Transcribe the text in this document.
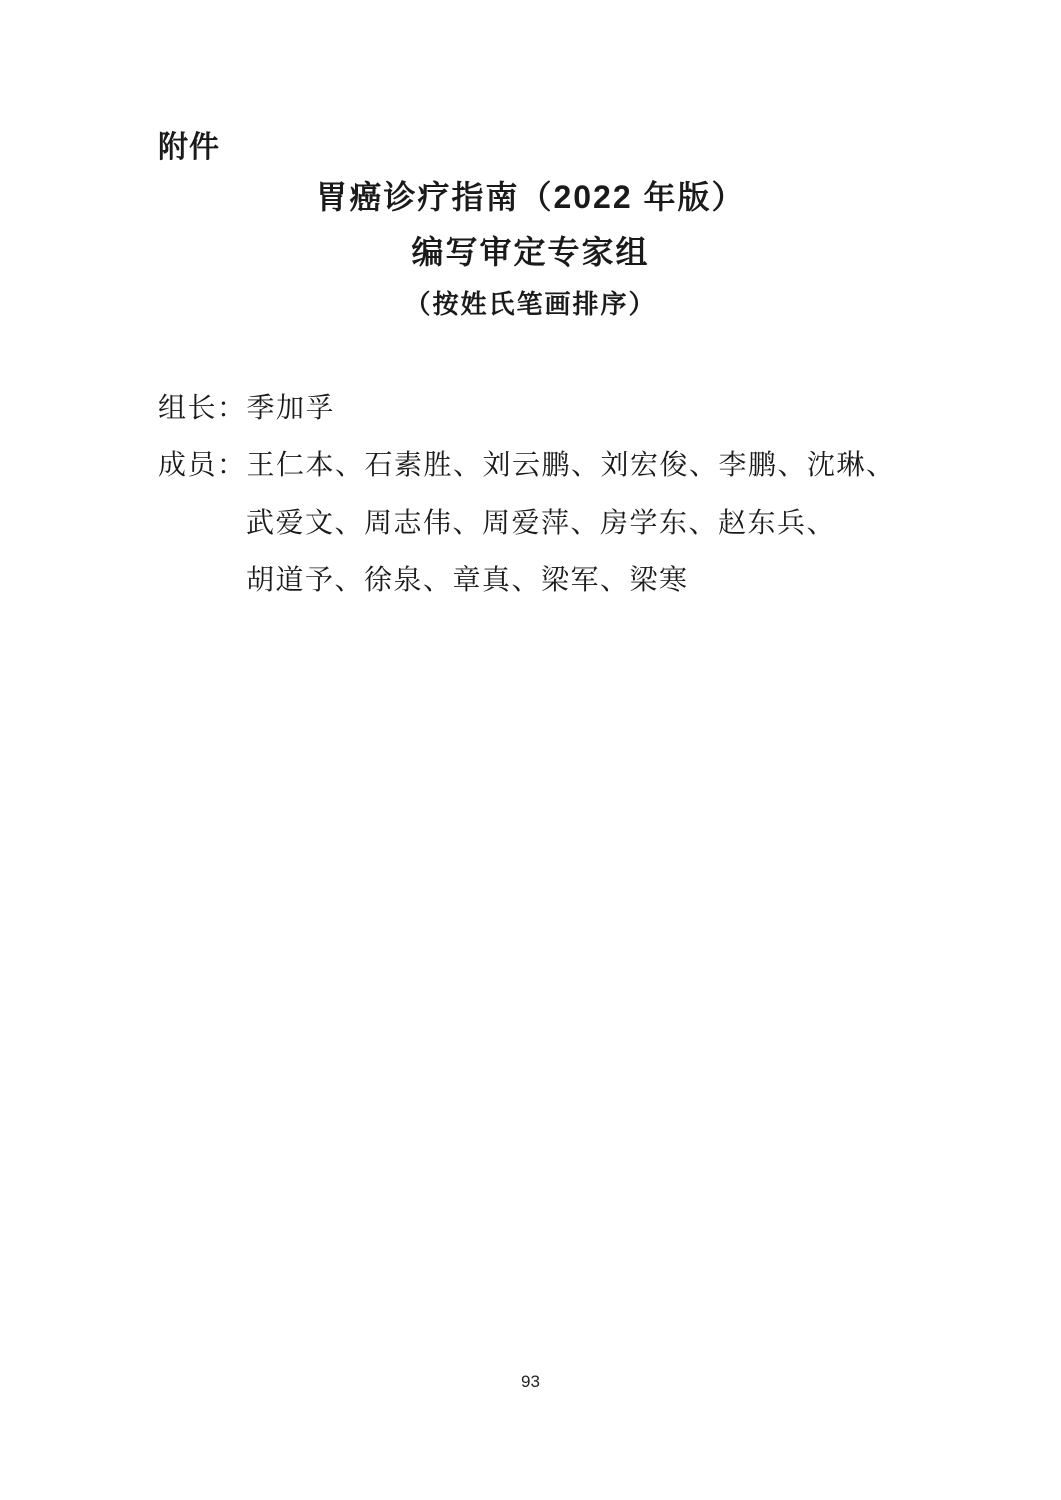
附件
胃癌诊疗指南（2022 年版）
编写审定专家组
（按姓氏笔画排序）
组长： 季加孚
成员： 王仁本、石素胜、刘云鹏、刘宏俊、李鹏、沈琳、
武爱文、周志伟、周爱萍、房学东、赵东兵、
胡道予、徐泉、章真、梁军、梁寒
93
